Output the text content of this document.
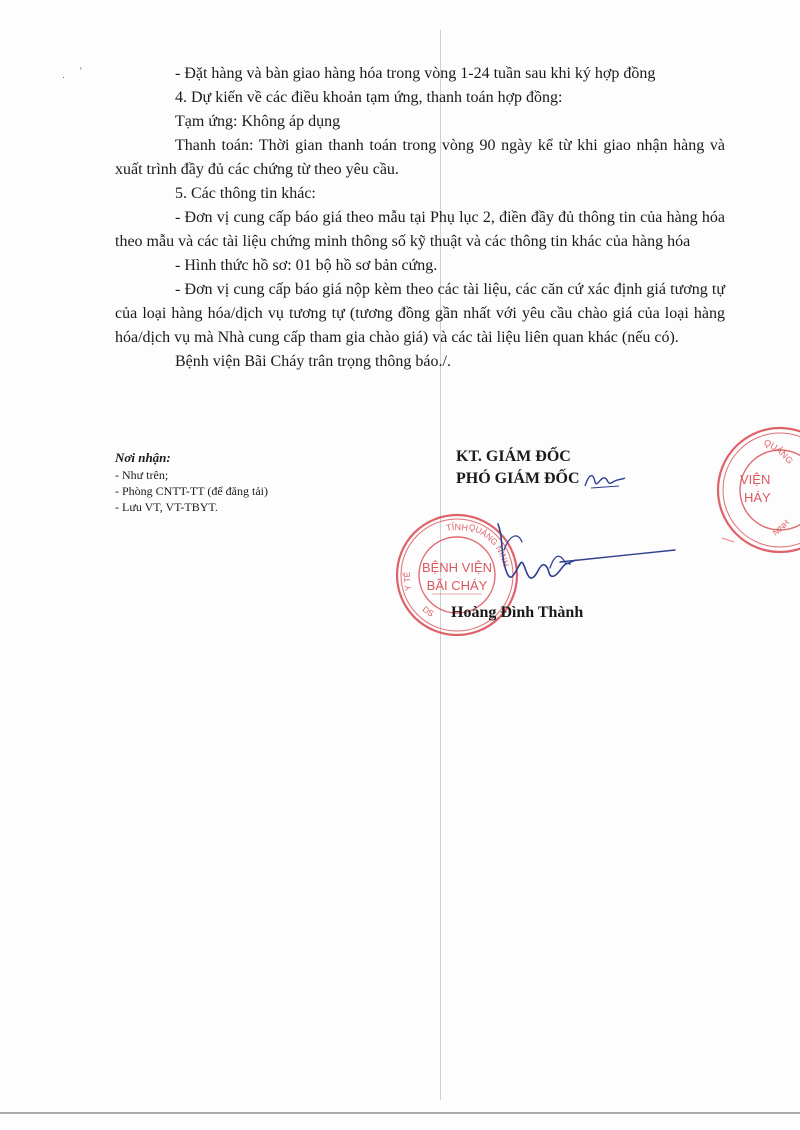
·
'	- Đặt hàng và bàn giao hàng hóa trong vòng 1-24 tuần sau khi ký hợp đồng

4. Dự kiến về các điều khoản tạm ứng, thanh toán hợp đồng:

Tạm ứng: Không áp dụng

Thanh toán: Thời gian thanh toán trong vòng 90 ngày kể từ khi giao nhận hàng và xuất trình đầy đủ các chứng từ theo yêu cầu.

5. Các thông tin khác:

- Đơn vị cung cấp báo giá theo mẫu tại Phụ lục 2, điền đầy đủ thông tin của hàng hóa theo mẫu và các tài liệu chứng minh thông số kỹ thuật và các thông tin khác của hàng hóa

- Hình thức hồ sơ: 01 bộ hồ sơ bản cứng.

- Đơn vị cung cấp báo giá nộp kèm theo các tài liệu, các căn cứ xác định giá tương tự của loại hàng hóa/dịch vụ tương tự (tương đồng gần nhất với yêu cầu chào giá của loại hàng hóa/dịch vụ mà Nhà cung cấp tham gia chào giá) và các tài liệu liên quan khác (nếu có).

Bệnh viện Bãi Cháy trân trọng thông báo./.

Nơi nhận:
- Như trên;
- Phòng CNTT-TT (để đăng tải)
- Lưu VT, VT-TBYT.
KT. GIÁM ĐỐC
PHÓ GIÁM ĐỐC
TỈNH
QUẢNG NINH
Y TẾ
DS
BỆNH VIỆN
BÃI CHÁY
Hoàng Đình Thành
QUẢNG
NINH
VIỆN
HÁY
